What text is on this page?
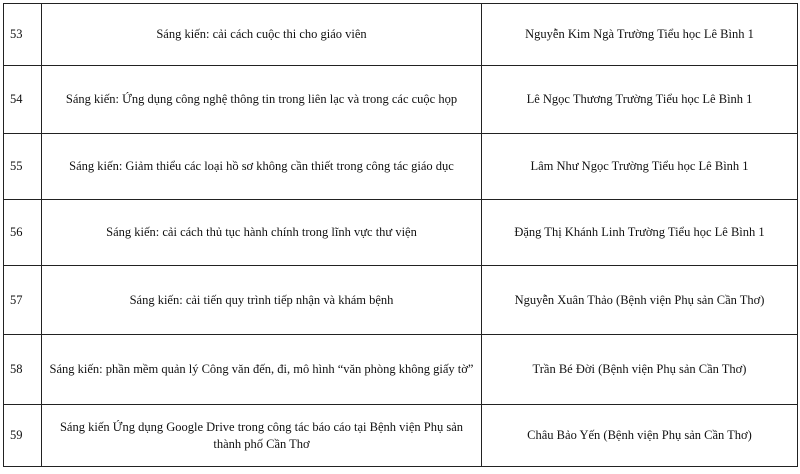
53	Sáng kiến: cải cách cuộc thi cho giáo viên	Nguyễn Kim Ngà Trường Tiểu học Lê Bình 1
54	Sáng kiến: Ứng dụng công nghệ thông tin trong liên lạc và trong các cuộc họp	Lê Ngọc Thương Trường Tiểu học Lê Bình 1
55	Sáng kiến: Giảm thiểu các loại hồ sơ không cần thiết trong công tác giáo dục	Lâm Như Ngọc Trường Tiểu học Lê Bình 1
56	Sáng kiến: cải cách thủ tục hành chính trong lĩnh vực thư viện	Đặng Thị Khánh Linh Trường Tiểu học Lê Bình 1
57	Sáng kiến: cải tiến quy trình tiếp nhận và khám bệnh	Nguyễn Xuân Thảo (Bệnh viện Phụ sản Cần Thơ)
58	Sáng kiến: phần mềm quản lý Công văn đến, đi, mô hình “văn phòng không giấy tờ”	Trần Bé Đời (Bệnh viện Phụ sản Cần Thơ)
59	Sáng kiến Ứng dụng Google Drive trong công tác báo cáo tại Bệnh viện Phụ sản thành phố Cần Thơ	Châu Bảo Yến (Bệnh viện Phụ sản Cần Thơ)
